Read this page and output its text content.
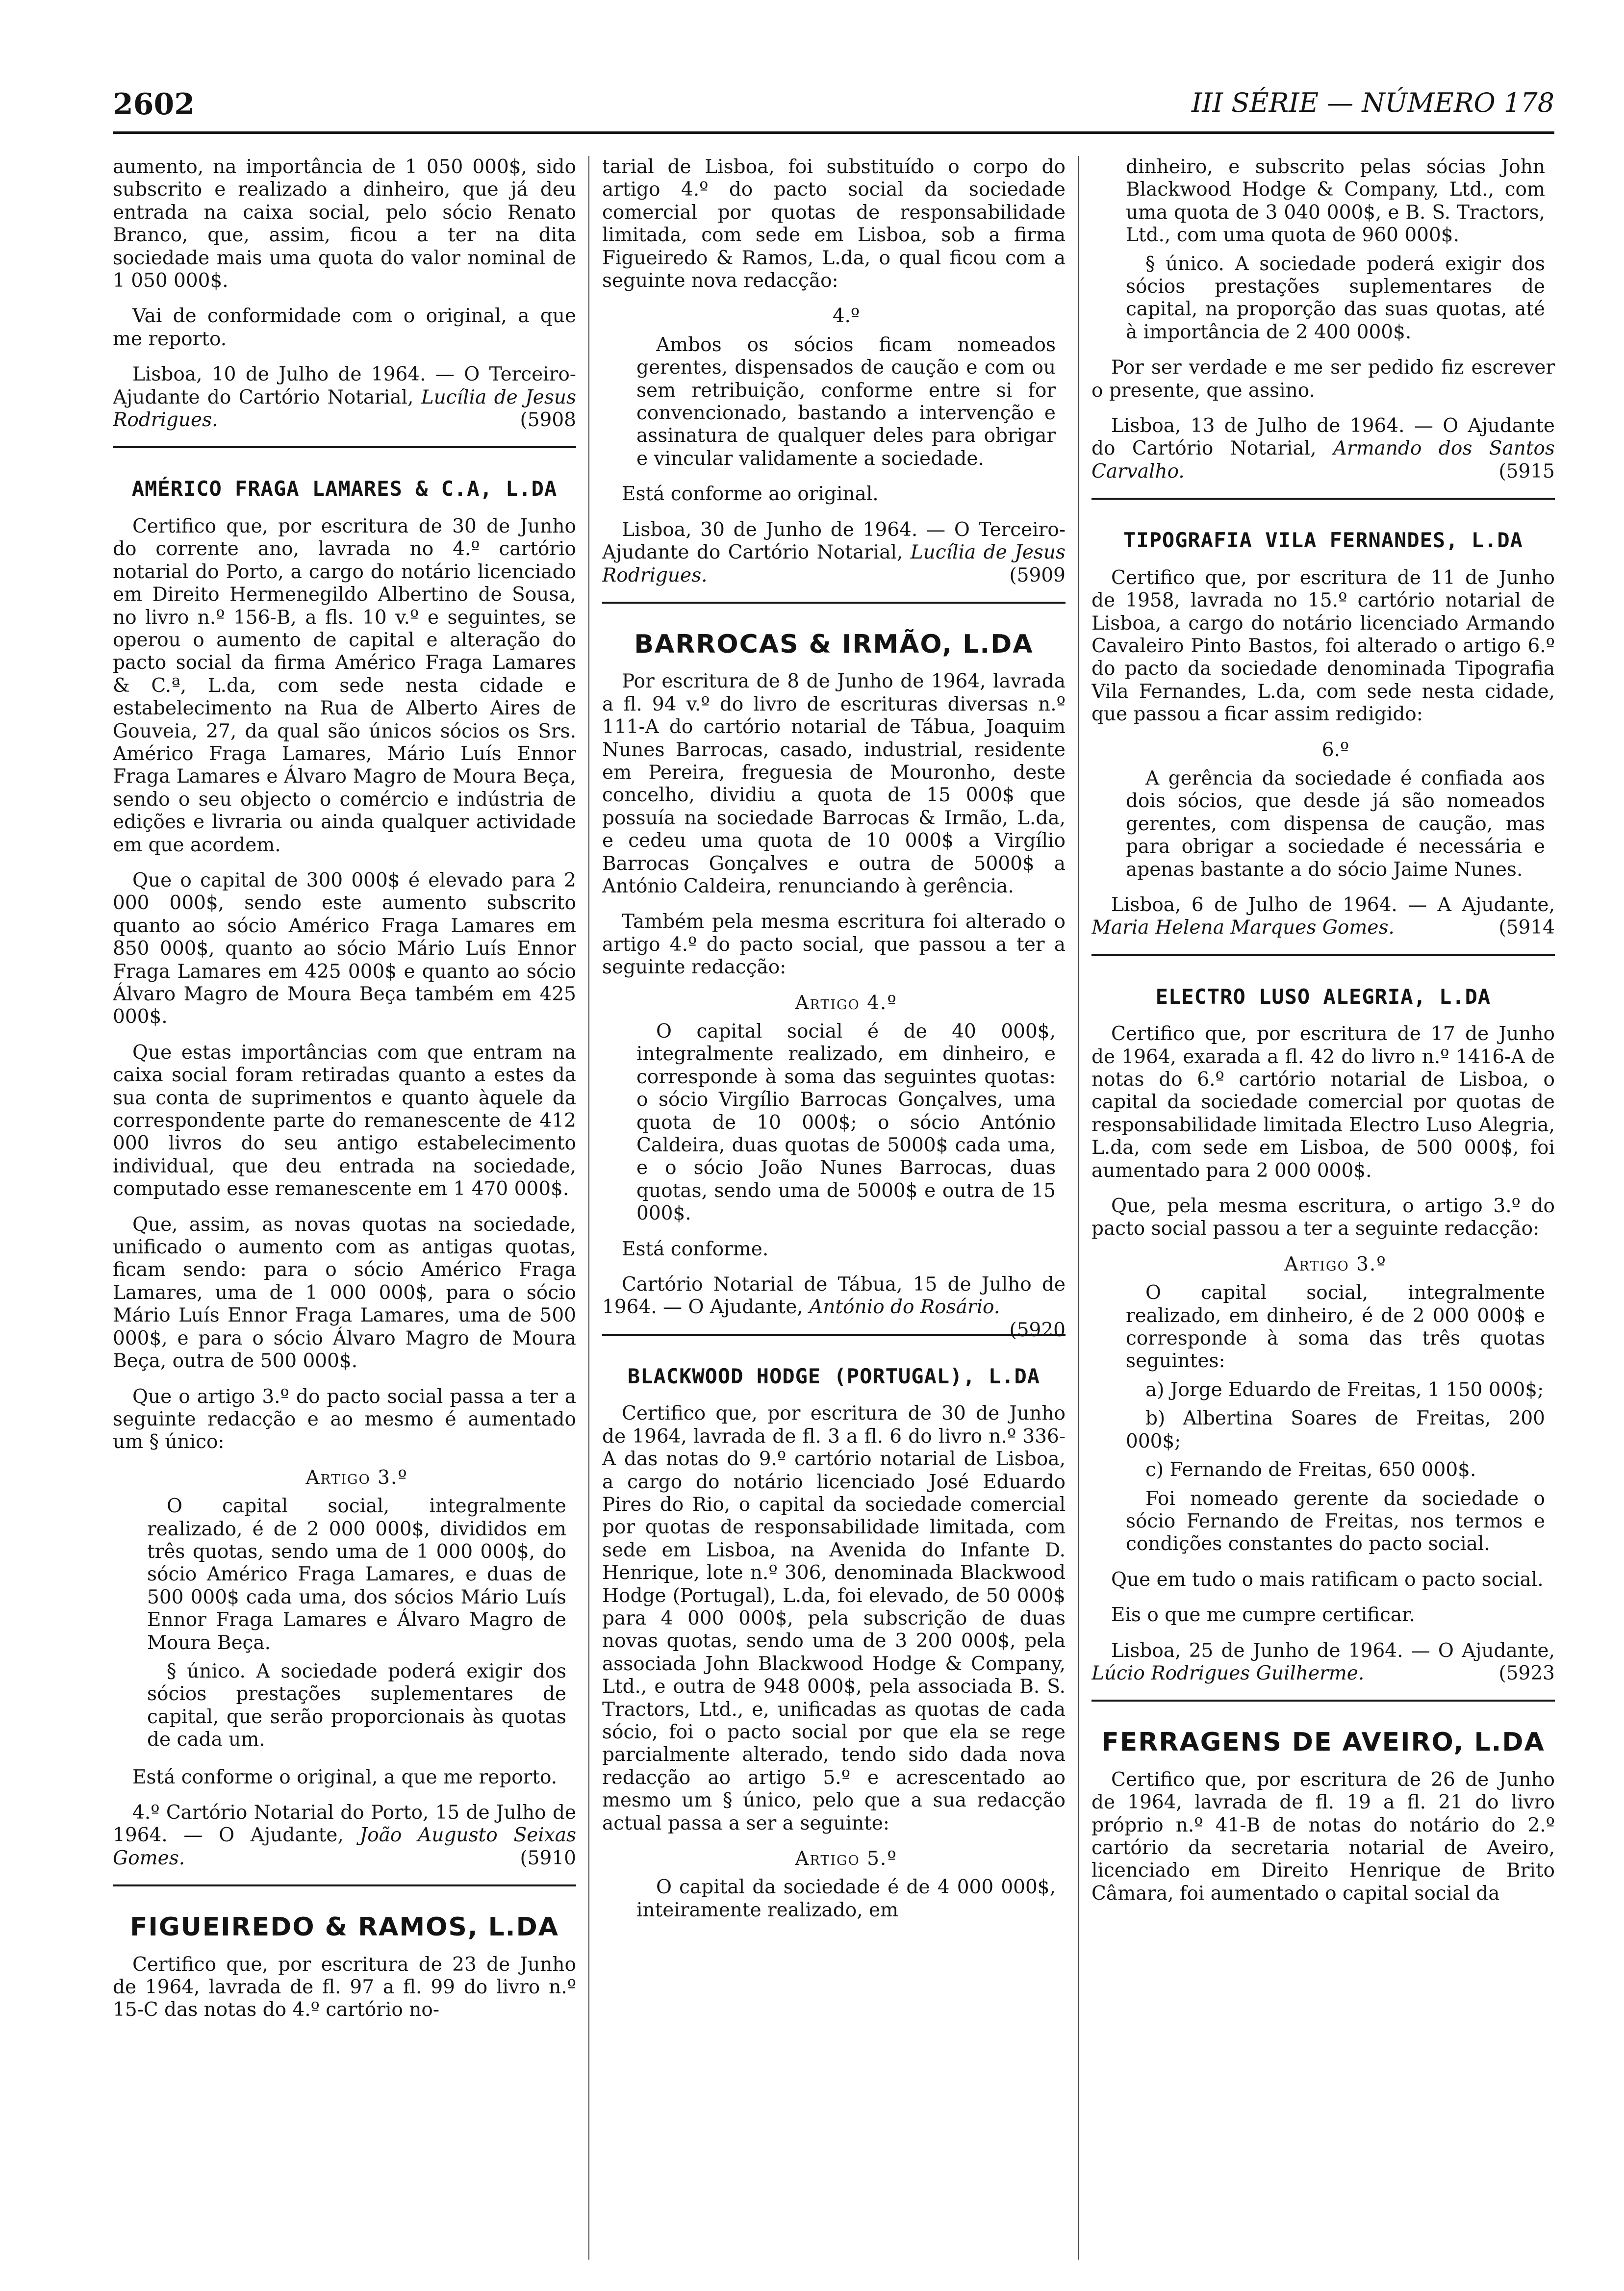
2602	III SÉRIE — NÚMERO 178

aumento, na importância de 1 050 000$, sido subscrito e realizado a dinheiro, que já deu entrada na caixa social, pelo sócio Renato Branco, que, assim, ficou a ter na dita sociedade mais uma quota do valor nominal de 1 050 000$.

Vai de conformidade com o original, a que me reporto.

Lisboa, 10 de Julho de 1964. — O Terceiro-Ajudante do Cartório Notarial, Lucília de Jesus Rodrigues.	(5908

AMÉRICO FRAGA LAMARES & C.A, L.DA

Certifico que, por escritura de 30 de Junho do corrente ano, lavrada no 4.º cartório notarial do Porto, a cargo do notário licenciado em Direito Hermenegildo Albertino de Sousa, no livro n.º 156-B, a fls. 10 v.º e seguintes, se operou o aumento de capital e alteração do pacto social da firma Américo Fraga Lamares & C.ª, L.da, com sede nesta cidade e estabelecimento na Rua de Alberto Aires de Gouveia, 27, da qual são únicos sócios os Srs. Américo Fraga Lamares, Mário Luís Ennor Fraga Lamares e Álvaro Magro de Moura Beça, sendo o seu objecto o comércio e indústria de edições e livraria ou ainda qualquer actividade em que acordem.

Que o capital de 300 000$ é elevado para 2 000 000$, sendo este aumento subscrito quanto ao sócio Américo Fraga Lamares em 850 000$, quanto ao sócio Mário Luís Ennor Fraga Lamares em 425 000$ e quanto ao sócio Álvaro Magro de Moura Beça também em 425 000$.

Que estas importâncias com que entram na caixa social foram retiradas quanto a estes da sua conta de suprimentos e quanto àquele da correspondente parte do remanescente de 412 000 livros do seu antigo estabelecimento individual, que deu entrada na sociedade, computado esse remanescente em 1 470 000$.

Que, assim, as novas quotas na sociedade, unificado o aumento com as antigas quotas, ficam sendo: para o sócio Américo Fraga Lamares, uma de 1 000 000$, para o sócio Mário Luís Ennor Fraga Lamares, uma de 500 000$, e para o sócio Álvaro Magro de Moura Beça, outra de 500 000$.

Que o artigo 3.º do pacto social passa a ter a seguinte redacção e ao mesmo é aumentado um § único:

Artigo 3.º

O capital social, integralmente realizado, é de 2 000 000$, divididos em três quotas, sendo uma de 1 000 000$, do sócio Américo Fraga Lamares, e duas de 500 000$ cada uma, dos sócios Mário Luís Ennor Fraga Lamares e Álvaro Magro de Moura Beça.

§ único. A sociedade poderá exigir dos sócios prestações suplementares de capital, que serão proporcionais às quotas de cada um.

Está conforme o original, a que me reporto.

4.º Cartório Notarial do Porto, 15 de Julho de 1964. — O Ajudante, João Augusto Seixas Gomes.	(5910

FIGUEIREDO & RAMOS, L.DA

Certifico que, por escritura de 23 de Junho de 1964, lavrada de fl. 97 a fl. 99 do livro n.º 15-C das notas do 4.º cartório no-

tarial de Lisboa, foi substituído o corpo do artigo 4.º do pacto social da sociedade comercial por quotas de responsabilidade limitada, com sede em Lisboa, sob a firma Figueiredo & Ramos, L.da, o qual ficou com a seguinte nova redacção:

4.º

Ambos os sócios ficam nomeados gerentes, dispensados de caução e com ou sem retribuição, conforme entre si for convencionado, bastando a intervenção e assinatura de qualquer deles para obrigar e vincular validamente a sociedade.

Está conforme ao original.

Lisboa, 30 de Junho de 1964. — O Terceiro-Ajudante do Cartório Notarial, Lucília de Jesus Rodrigues.	(5909

BARROCAS & IRMÃO, L.DA

Por escritura de 8 de Junho de 1964, lavrada a fl. 94 v.º do livro de escrituras diversas n.º 111-A do cartório notarial de Tábua, Joaquim Nunes Barrocas, casado, industrial, residente em Pereira, freguesia de Mouronho, deste concelho, dividiu a quota de 15 000$ que possuía na sociedade Barrocas & Irmão, L.da, e cedeu uma quota de 10 000$ a Virgílio Barrocas Gonçalves e outra de 5000$ a António Caldeira, renunciando à gerência.

Também pela mesma escritura foi alterado o artigo 4.º do pacto social, que passou a ter a seguinte redacção:

Artigo 4.º

O capital social é de 40 000$, integralmente realizado, em dinheiro, e corresponde à soma das seguintes quotas: o sócio Virgílio Barrocas Gonçalves, uma quota de 10 000$; o sócio António Caldeira, duas quotas de 5000$ cada uma, e o sócio João Nunes Barrocas, duas quotas, sendo uma de 5000$ e outra de 15 000$.

Está conforme.

Cartório Notarial de Tábua, 15 de Julho de 1964. — O Ajudante, António do Rosário.
(5920

BLACKWOOD HODGE (PORTUGAL), L.DA

Certifico que, por escritura de 30 de Junho de 1964, lavrada de fl. 3 a fl. 6 do livro n.º 336-A das notas do 9.º cartório notarial de Lisboa, a cargo do notário licenciado José Eduardo Pires do Rio, o capital da sociedade comercial por quotas de responsabilidade limitada, com sede em Lisboa, na Avenida do Infante D. Henrique, lote n.º 306, denominada Blackwood Hodge (Portugal), L.da, foi elevado, de 50 000$ para 4 000 000$, pela subscrição de duas novas quotas, sendo uma de 3 200 000$, pela associada John Blackwood Hodge & Company, Ltd., e outra de 948 000$, pela associada B. S. Tractors, Ltd., e, unificadas as quotas de cada sócio, foi o pacto social por que ela se rege parcialmente alterado, tendo sido dada nova redacção ao artigo 5.º e acrescentado ao mesmo um § único, pelo que a sua redacção actual passa a ser a seguinte:

Artigo 5.º

O capital da sociedade é de 4 000 000$, inteiramente realizado, em

dinheiro, e subscrito pelas sócias John Blackwood Hodge & Company, Ltd., com uma quota de 3 040 000$, e B. S. Tractors, Ltd., com uma quota de 960 000$.

§ único. A sociedade poderá exigir dos sócios prestações suplementares de capital, na proporção das suas quotas, até à importância de 2 400 000$.

Por ser verdade e me ser pedido fiz escrever o presente, que assino.

Lisboa, 13 de Julho de 1964. — O Ajudante do Cartório Notarial, Armando dos Santos Carvalho.	(5915

TIPOGRAFIA VILA FERNANDES, L.DA

Certifico que, por escritura de 11 de Junho de 1958, lavrada no 15.º cartório notarial de Lisboa, a cargo do notário licenciado Armando Cavaleiro Pinto Bastos, foi alterado o artigo 6.º do pacto da sociedade denominada Tipografia Vila Fernandes, L.da, com sede nesta cidade, que passou a ficar assim redigido:

6.º

A gerência da sociedade é confiada aos dois sócios, que desde já são nomeados gerentes, com dispensa de caução, mas para obrigar a sociedade é necessária e apenas bastante a do sócio Jaime Nunes.

Lisboa, 6 de Julho de 1964. — A Ajudante, Maria Helena Marques Gomes.	(5914

ELECTRO LUSO ALEGRIA, L.DA

Certifico que, por escritura de 17 de Junho de 1964, exarada a fl. 42 do livro n.º 1416-A de notas do 6.º cartório notarial de Lisboa, o capital da sociedade comercial por quotas de responsabilidade limitada Electro Luso Alegria, L.da, com sede em Lisboa, de 500 000$, foi aumentado para 2 000 000$.

Que, pela mesma escritura, o artigo 3.º do pacto social passou a ter a seguinte redacção:

Artigo 3.º

O capital social, integralmente realizado, em dinheiro, é de 2 000 000$ e corresponde à soma das três quotas seguintes:

a) Jorge Eduardo de Freitas, 1 150 000$;

b) Albertina Soares de Freitas, 200 000$;

c) Fernando de Freitas, 650 000$.

Foi nomeado gerente da sociedade o sócio Fernando de Freitas, nos termos e condições constantes do pacto social.

Que em tudo o mais ratificam o pacto social.

Eis o que me cumpre certificar.

Lisboa, 25 de Junho de 1964. — O Ajudante, Lúcio Rodrigues Guilherme.	(5923

FERRAGENS DE AVEIRO, L.DA

Certifico que, por escritura de 26 de Junho de 1964, lavrada de fl. 19 a fl. 21 do livro próprio n.º 41-B de notas do notário do 2.º cartório da secretaria notarial de Aveiro, licenciado em Direito Henrique de Brito Câmara, foi aumentado o capital social da
